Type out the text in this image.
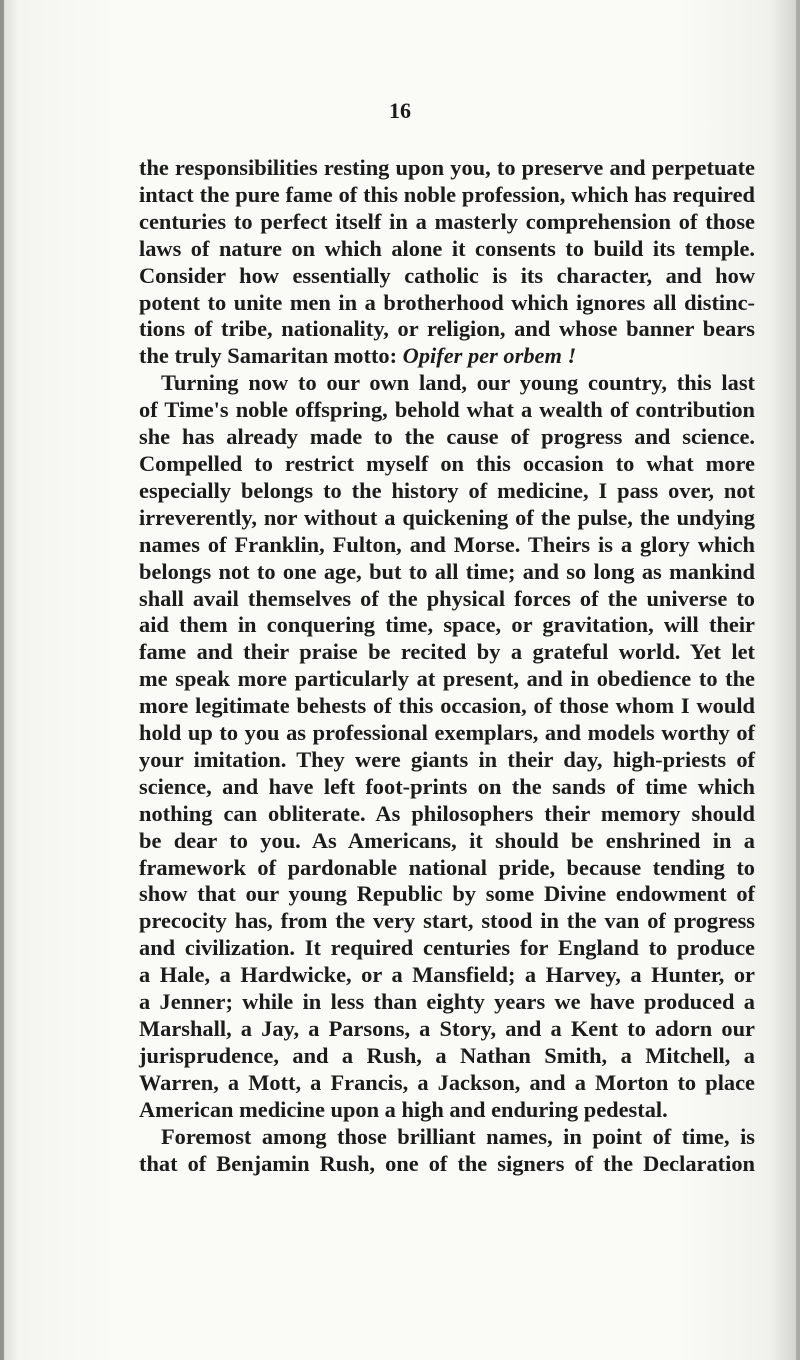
16

the responsibilities resting upon you, to preserve and perpetuate
intact the pure fame of this noble profession, which has required
centuries to perfect itself in a masterly comprehension of those
laws of nature on which alone it consents to build its temple.
Consider how essentially catholic is its character, and how
potent to unite men in a brotherhood which ignores all distinc-
tions of tribe, nationality, or religion, and whose banner bears
the truly Samaritan motto: Opifer per orbem !

Turning now to our own land, our young country, this last
of Time's noble offspring, behold what a wealth of contribution
she has already made to the cause of progress and science.
Compelled to restrict myself on this occasion to what more
especially belongs to the history of medicine, I pass over, not
irreverently, nor without a quickening of the pulse, the undying
names of Franklin, Fulton, and Morse. Theirs is a glory which
belongs not to one age, but to all time; and so long as mankind
shall avail themselves of the physical forces of the universe to
aid them in conquering time, space, or gravitation, will their
fame and their praise be recited by a grateful world. Yet let
me speak more particularly at present, and in obedience to the
more legitimate behests of this occasion, of those whom I would
hold up to you as professional exemplars, and models worthy of
your imitation. They were giants in their day, high-priests of
science, and have left foot-prints on the sands of time which
nothing can obliterate. As philosophers their memory should
be dear to you. As Americans, it should be enshrined in a
framework of pardonable national pride, because tending to
show that our young Republic by some Divine endowment of
precocity has, from the very start, stood in the van of progress
and civilization. It required centuries for England to produce
a Hale, a Hardwicke, or a Mansfield; a Harvey, a Hunter, or
a Jenner; while in less than eighty years we have produced a
Marshall, a Jay, a Parsons, a Story, and a Kent to adorn our
jurisprudence, and a Rush, a Nathan Smith, a Mitchell, a
Warren, a Mott, a Francis, a Jackson, and a Morton to place
American medicine upon a high and enduring pedestal.

Foremost among those brilliant names, in point of time, is
that of Benjamin Rush, one of the signers of the Declaration
